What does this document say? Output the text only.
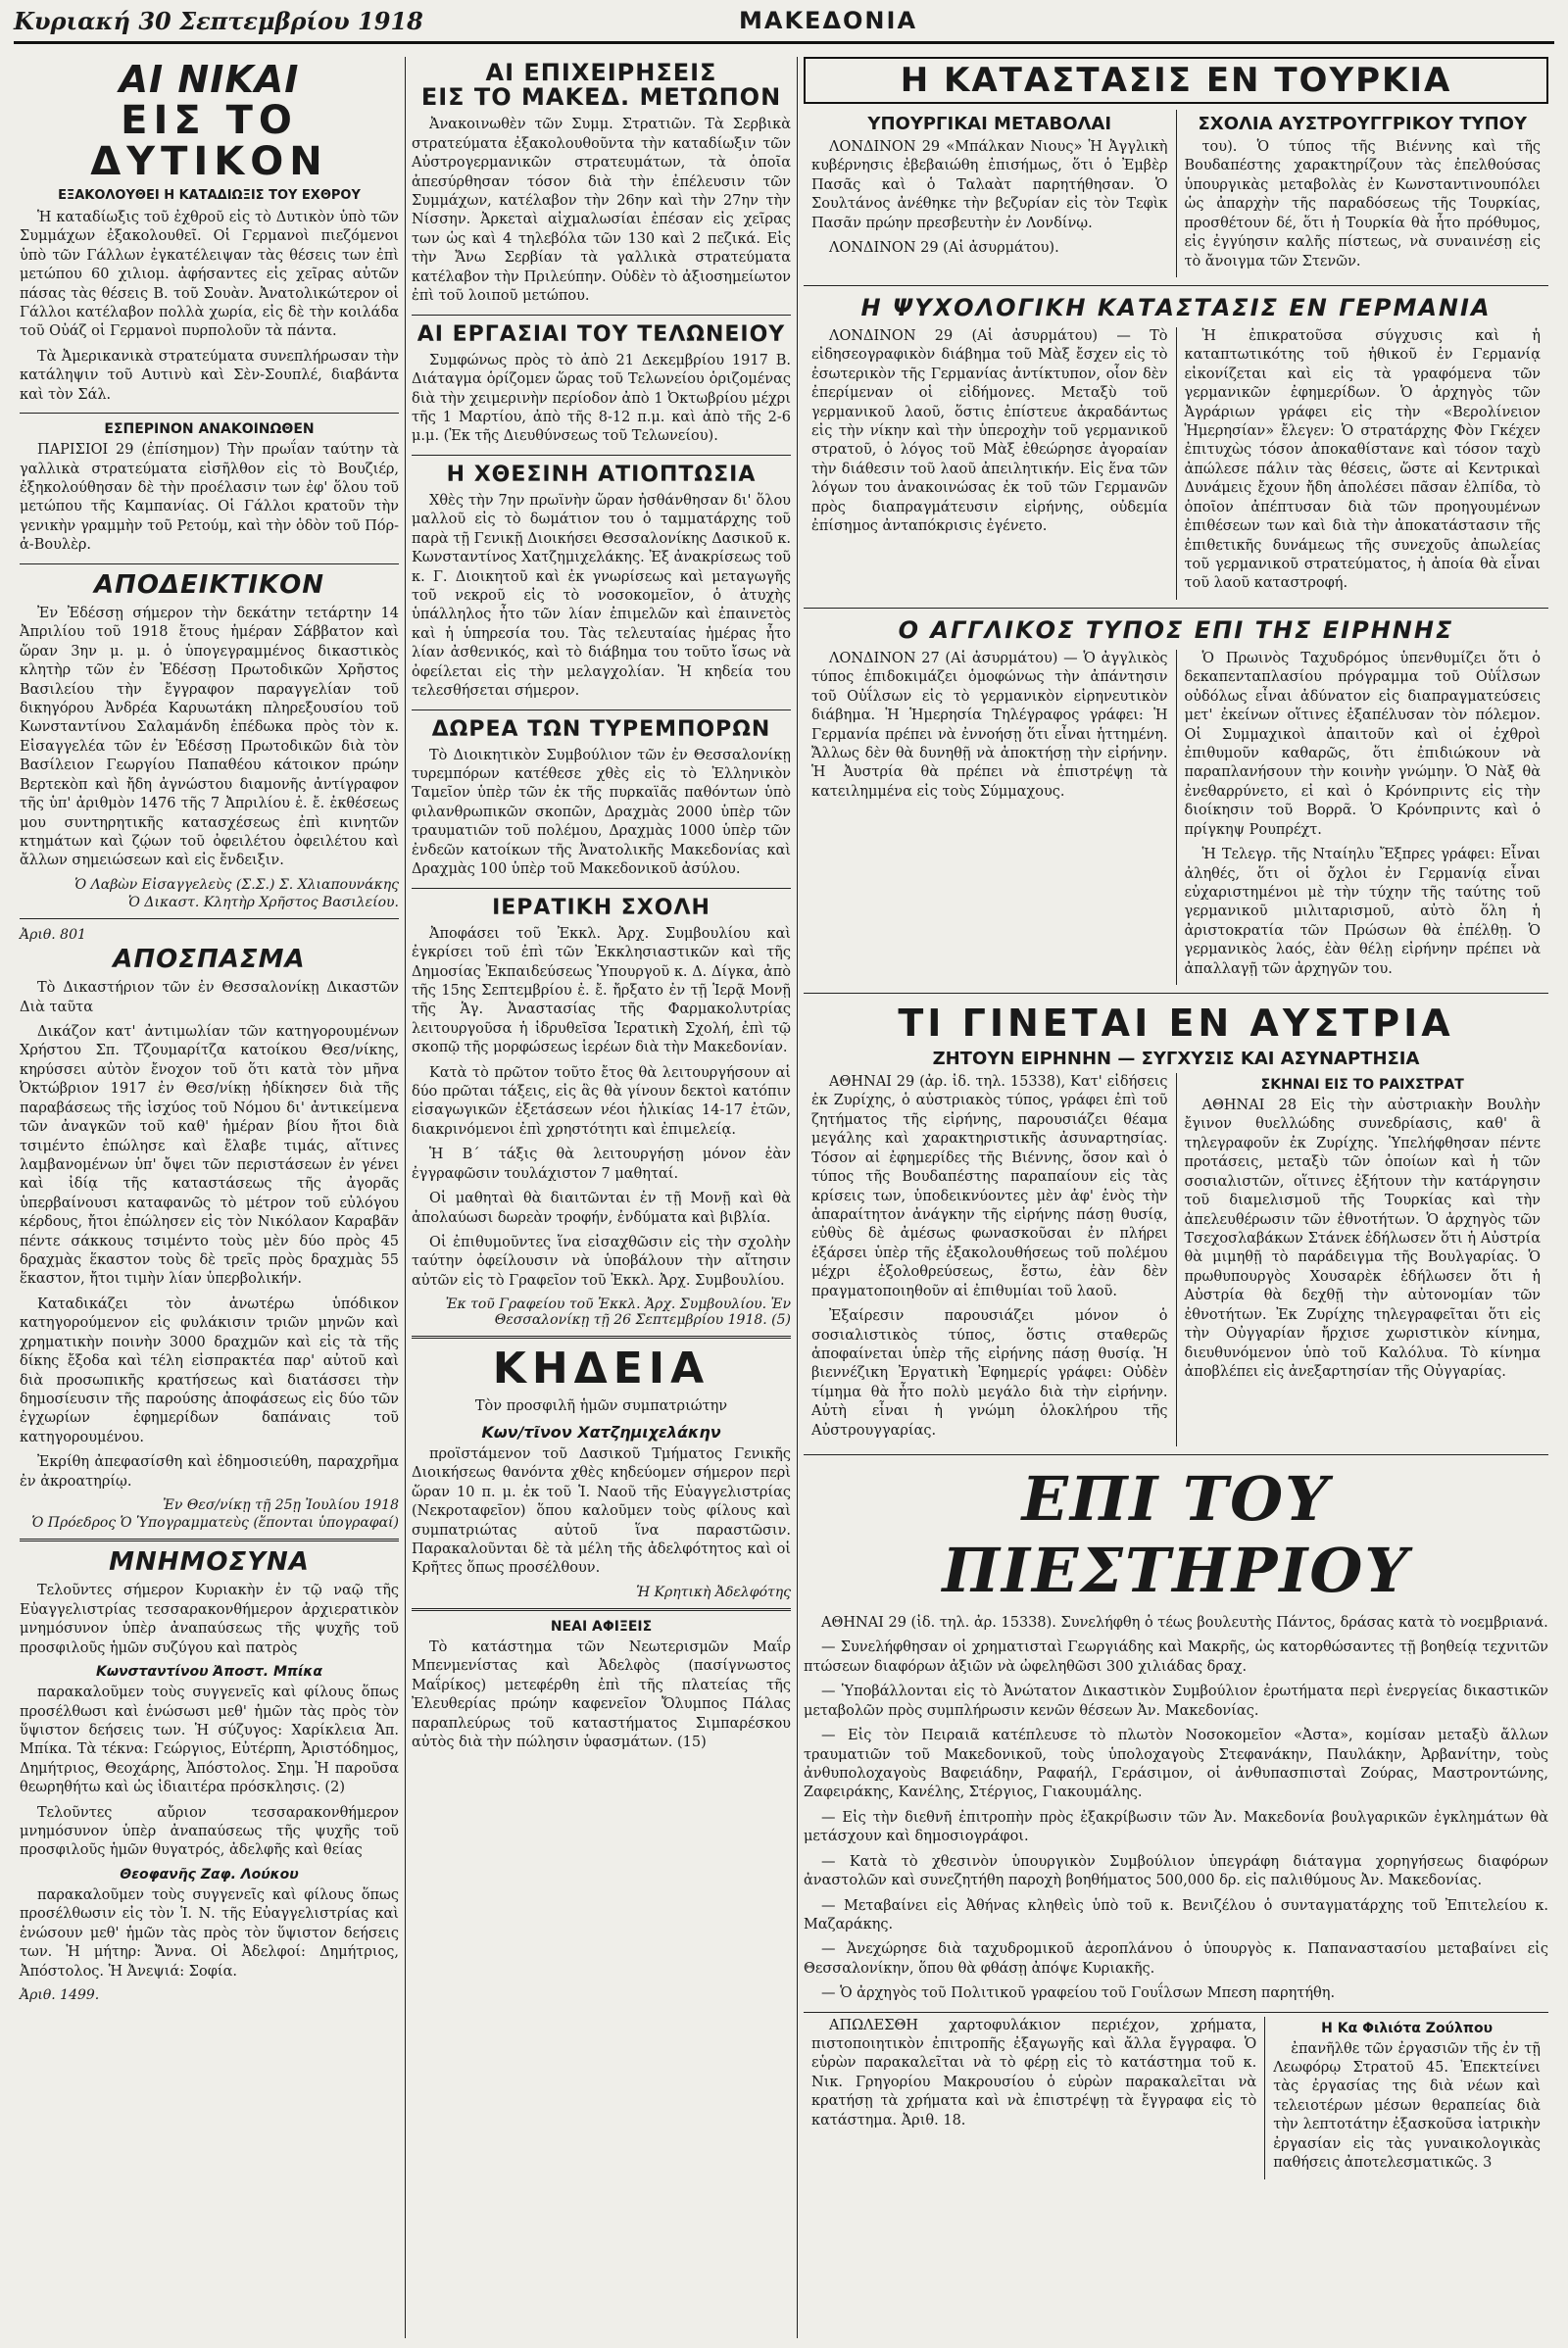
Κυριακή 30 Σεπτεμβρίου 1918	ΜΑΚΕΔΟΝΙΑ
ΑΙ ΝΙΚΑΙ
ΕΙΣ ΤΟ ΔΥΤΙΚΟΝ
ΕΞΑΚΟΛΟΥΘΕΙ Η ΚΑΤΑΔΙΩΞΙΣ ΤΟΥ ΕΧΘΡΟΥ

Ἡ καταδίωξις τοῦ ἐχθροῦ εἰς τὸ Δυτικὸν ὑπὸ τῶν Συμμάχων ἐξακολουθεῖ. Οἱ Γερμανοὶ πιεζόμενοι ὑπὸ τῶν Γάλλων ἐγκατέλειψαν τὰς θέσεις των ἐπὶ μετώπου 60 χιλιομ. ἀφήσαντες εἰς χεῖρας αὐτῶν πάσας τὰς θέσεις Β. τοῦ Σουὰν. Ἀνατολικώτερον οἱ Γάλλοι κατέλαβον πολλὰ χωρία, εἰς δὲ τὴν κοιλάδα τοῦ Οὐάζ οἱ Γερμανοὶ πυρπολοῦν τὰ πάντα.

Τὰ Ἀμερικανικὰ στρατεύματα συνεπλήρωσαν τὴν κατάληψιν τοῦ Αυτινὺ καὶ Σὲν-Σουπλέ, διαβάντα καὶ τὸν Σάλ.

ΕΣΠΕΡΙΝΟΝ ΑΝΑΚΟΙΝΩΘΕΝ

ΠΑΡΙΣΙΟΙ 29 (ἐπίσημον) Τὴν πρωΐαν ταύτην τὰ γαλλικὰ στρατεύματα εἰσῆλθον εἰς τὸ Βουζιέρ, ἐξηκολούθησαν δὲ τὴν προέλασιν των ἐφ' ὅλου τοῦ μετώπου τῆς Καμπανίας. Οἱ Γάλλοι κρατοῦν τὴν γενικὴν γραμμὴν τοῦ Ρετούμ, καὶ τὴν ὁδὸν τοῦ Πόρ-ἀ-Βουλὲρ.

ΑΠΟΔΕΙΚΤΙΚΟΝ

Ἐν Ἐδέσσῃ σήμερον τὴν δεκάτην τετάρτην 14 Ἀπριλίου τοῦ 1918 ἔτους ἡμέραν Σάββατον καὶ ὥραν 3ην μ. μ. ὁ ὑπογεγραμμένος δικαστικὸς κλητὴρ τῶν ἐν Ἐδέσσῃ Πρωτοδικῶν Χρῆστος Βασιλείου τὴν ἔγγραφον παραγγελίαν τοῦ δικηγόρου Ἀνδρέα Καρυωτάκη πληρεξουσίου τοῦ Κωνσταντίνου Σαλαμάνδη ἐπέδωκα πρὸς τὸν κ. Εἰσαγγελέα τῶν ἐν Ἐδέσσῃ Πρωτοδικῶν διὰ τὸν Βασίλειον Γεωργίου Παπαθέου κάτοικον πρώην Βερτεκὸπ καὶ ἤδη ἀγνώστου διαμονῆς ἀντίγραφον τῆς ὑπ' ἀριθμὸν 1476 τῆς 7 Ἀπριλίου ἐ. ἔ. ἐκθέσεως μου συντηρητικῆς κατασχέσεως ἐπὶ κινητῶν κτημάτων καὶ ζῴων τοῦ ὀφειλέτου ὀφειλέτου καὶ ἄλλων σημειώσεων καὶ εἰς ἔνδειξιν.

Ὁ Λαβὼν Εἰσαγγελεὺς (Σ.Σ.) Σ. Χλιαπουνάκης
Ὁ Δικαστ. Κλητὴρ Χρῆστος Βασιλείου.
Ἀριθ. 801
ΑΠΟΣΠΑΣΜΑ

Τὸ Δικαστήριον τῶν ἐν Θεσσαλονίκῃ Δικαστῶν Διὰ ταῦτα

Δικάζον κατ' ἀντιμωλίαν τῶν κατηγορουμένων Χρήστου Σπ. Τζουμαρίτζα κατοίκου Θεσ/νίκης, κηρύσσει αὐτὸν ἔνοχον τοῦ ὅτι κατὰ τὸν μῆνα Ὀκτώβριον 1917 ἐν Θεσ/νίκῃ ἠδίκησεν διὰ τῆς παραβάσεως τῆς ἰσχύος τοῦ Νόμου δι' ἀντικείμενα τῶν ἀναγκῶν τοῦ καθ' ἡμέραν βίου ἤτοι διὰ τσιμέντο ἐπώλησε καὶ ἔλαβε τιμάς, αἵτινες λαμβανομένων ὑπ' ὄψει τῶν περιστάσεων ἐν γένει καὶ ἰδίᾳ τῆς καταστάσεως τῆς ἀγορᾶς ὑπερβαίνουσι καταφανῶς τὸ μέτρον τοῦ εὐλόγου κέρδους, ἤτοι ἐπώλησεν εἰς τὸν Νικόλαον Καραβᾶν πέντε σάκκους τσιμέντο τοὺς μὲν δύο πρὸς 45 δραχμὰς ἕκαστον τοὺς δὲ τρεῖς πρὸς δραχμὰς 55 ἕκαστον, ἤτοι τιμὴν λίαν ὑπερβολικήν.

Καταδικάζει τὸν ἀνωτέρω ὑπόδικον κατηγορούμενον εἰς φυλάκισιν τριῶν μηνῶν καὶ χρηματικὴν ποινὴν 3000 δραχμῶν καὶ εἰς τὰ τῆς δίκης ἔξοδα καὶ τέλη εἰσπρακτέα παρ' αὐτοῦ καὶ διὰ προσωπικῆς κρατήσεως καὶ διατάσσει τὴν δημοσίευσιν τῆς παρούσης ἀποφάσεως εἰς δύο τῶν ἐγχωρίων ἐφημερίδων δαπάναις τοῦ κατηγορουμένου.

Ἐκρίθη ἀπεφασίσθη καὶ ἐδημοσιεύθη, παραχρῆμα ἐν ἀκροατηρίῳ.

Ἐν Θεσ/νίκῃ τῇ 25ῃ Ἰουλίου 1918
Ὁ Πρόεδρος Ὁ Ὑπογραμματεὺς (ἕπονται ὑπογραφαί)
ΜΝΗΜΟΣΥΝΑ

Τελοῦντες σήμερον Κυριακὴν ἐν τῷ ναῷ τῆς Εὐαγγελιστρίας τεσσαρακονθήμερον ἀρχιερατικὸν μνημόσυνον ὑπὲρ ἀναπαύσεως τῆς ψυχῆς τοῦ προσφιλοῦς ἡμῶν συζύγου καὶ πατρὸς

Κωνσταντίνου Ἀποστ. Μπίκα

παρακαλοῦμεν τοὺς συγγενεῖς καὶ φίλους ὅπως προσέλθωσι καὶ ἑνώσωσι μεθ' ἡμῶν τὰς πρὸς τὸν ὕψιστον δεήσεις των. Ἡ σύζυγος: Χαρίκλεια Ἀπ. Μπίκα. Τὰ τέκνα: Γεώργιος, Εὐτέρπη, Ἀριστόδημος, Δημήτριος, Θεοχάρης, Ἀπόστολος. Σημ. Ἡ παροῦσα θεωρηθήτω καὶ ὡς ἰδιαιτέρα πρόσκλησις. (2)

Τελοῦντες αὔριον τεσσαρακονθήμερον μνημόσυνον ὑπὲρ ἀναπαύσεως τῆς ψυχῆς τοῦ προσφιλοῦς ἡμῶν θυγατρός, ἀδελφῆς καὶ θείας

Θεοφανῆς Ζαφ. Λούκου

παρακαλοῦμεν τοὺς συγγενεῖς καὶ φίλους ὅπως προσέλθωσιν εἰς τὸν Ἱ. Ν. τῆς Εὐαγγελιστρίας καὶ ἑνώσουν μεθ' ἡμῶν τὰς πρὸς τὸν ὕψιστον δεήσεις των. Ἡ μήτηρ: Ἄννα. Οἱ Ἀδελφοί: Δημήτριος, Ἀπόστολος. Ἡ Ἀνεψιά: Σοφία.

Ἀριθ. 1499.
ΑΙ ΕΠΙΧΕΙΡΗΣΕΙΣ
ΕΙΣ ΤΟ ΜΑΚΕΔ. ΜΕΤΩΠΟΝ

Ἀνακοινωθὲν τῶν Συμμ. Στρατιῶν. Τὰ Σερβικὰ στρατεύματα ἐξακολουθοῦντα τὴν καταδίωξιν τῶν Αὐστρογερμανικῶν στρατευμάτων, τὰ ὁποῖα ἀπεσύρθησαν τόσον διὰ τὴν ἐπέλευσιν τῶν Συμμάχων, κατέλαβον τὴν 26ην καὶ τὴν 27ην τὴν Νίσσην. Ἀρκεταὶ αἰχμαλωσίαι ἐπέσαν εἰς χεῖρας των ὡς καὶ 4 τηλεβόλα τῶν 130 καὶ 2 πεζικά. Εἰς τὴν Ἄνω Σερβίαν τὰ γαλλικὰ στρατεύματα κατέλαβον τὴν Πριλεύπην. Οὐδὲν τὸ ἀξιοσημείωτον ἐπὶ τοῦ λοιποῦ μετώπου.

ΑΙ ΕΡΓΑΣΙΑΙ ΤΟΥ ΤΕΛΩΝΕΙΟΥ

Συμφώνως πρὸς τὸ ἀπὸ 21 Δεκεμβρίου 1917 Β. Διάταγμα ὁρίζομεν ὥρας τοῦ Τελωνείου ὁριζομένας διὰ τὴν χειμερινὴν περίοδον ἀπὸ 1 Ὀκτωβρίου μέχρι τῆς 1 Μαρτίου, ἀπὸ τῆς 8-12 π.μ. καὶ ἀπὸ τῆς 2-6 μ.μ. (Ἐκ τῆς Διευθύνσεως τοῦ Τελωνείου).

Η ΧΘΕΣΙΝΗ ΑΤΙΟΠΤΩΣΙΑ

Χθὲς τὴν 7ην πρωϊνὴν ὥραν ἠσθάνθησαν δι' ὅλου μαλλοῦ εἰς τὸ δωμάτιον του ὁ ταμματάρχης τοῦ παρὰ τῇ Γενικῇ Διοικήσει Θεσσαλονίκης Δασικοῦ κ. Κωνσταντίνος Χατζημιχελάκης. Ἐξ ἀνακρίσεως τοῦ κ. Γ. Διοικητοῦ καὶ ἐκ γνωρίσεως καὶ μεταγωγῆς τοῦ νεκροῦ εἰς τὸ νοσοκομεῖον, ὁ ἀτυχὴς ὑπάλληλος ἦτο τῶν λίαν ἐπιμελῶν καὶ ἐπαινετὸς καὶ ἡ ὑπηρεσία του. Τὰς τελευταίας ἡμέρας ἦτο λίαν ἀσθενικός, καὶ τὸ διάβημα του τοῦτο ἴσως νὰ ὀφείλεται εἰς τὴν μελαγχολίαν. Ἡ κηδεία του τελεσθήσεται σήμερον.

ΔΩΡΕΑ ΤΩΝ ΤΥΡΕΜΠΟΡΩΝ

Τὸ Διοικητικὸν Συμβούλιον τῶν ἐν Θεσσαλονίκῃ τυρεμπόρων κατέθεσε χθὲς εἰς τὸ Ἐλληνικὸν Ταμεῖον ὑπὲρ τῶν ἐκ τῆς πυρκαϊᾶς παθόντων ὑπὸ φιλανθρωπικῶν σκοπῶν, Δραχμὰς 2000 ὑπὲρ τῶν τραυματιῶν τοῦ πολέμου, Δραχμὰς 1000 ὑπὲρ τῶν ἐνδεῶν κατοίκων τῆς Ἀνατολικῆς Μακεδονίας καὶ Δραχμὰς 100 ὑπὲρ τοῦ Μακεδονικοῦ ἀσύλου.

ΙΕΡΑΤΙΚΗ ΣΧΟΛΗ

Ἀποφάσει τοῦ Ἐκκλ. Ἀρχ. Συμβουλίου καὶ ἐγκρίσει τοῦ ἐπὶ τῶν Ἐκκλησιαστικῶν καὶ τῆς Δημοσίας Ἐκπαιδεύσεως Ὑπουργοῦ κ. Δ. Δίγκα, ἀπὸ τῆς 15ης Σεπτεμβρίου ἐ. ἔ. ἤρξατο ἐν τῇ Ἱερᾷ Μονῇ τῆς Ἁγ. Ἀναστασίας τῆς Φαρμακολυτρίας λειτουργοῦσα ἡ ἱδρυθεῖσα Ἱερατικὴ Σχολή, ἐπὶ τῷ σκοπῷ τῆς μορφώσεως ἱερέων διὰ τὴν Μακεδονίαν.

Κατὰ τὸ πρῶτον τοῦτο ἔτος θὰ λειτουργήσουν αἱ δύο πρῶται τάξεις, εἰς ἃς θὰ γίνουν δεκτοὶ κατόπιν εἰσαγωγικῶν ἐξετάσεων νέοι ἡλικίας 14-17 ἐτῶν, διακρινόμενοι ἐπὶ χρηστότητι καὶ ἐπιμελείᾳ.

Ἡ Β΄ τάξις θὰ λειτουργήσῃ μόνον ἐὰν ἐγγραφῶσιν τουλάχιστον 7 μαθηταί.

Οἱ μαθηταὶ θὰ διαιτῶνται ἐν τῇ Μονῇ καὶ θὰ ἀπολαύωσι δωρεὰν τροφήν, ἐνδύματα καὶ βιβλία.

Οἱ ἐπιθυμοῦντες ἵνα εἰσαχθῶσιν εἰς τὴν σχολὴν ταύτην ὀφείλουσιν νὰ ὑποβάλουν τὴν αἴτησιν αὐτῶν εἰς τὸ Γραφεῖον τοῦ Ἐκκλ. Ἀρχ. Συμβουλίου.

Ἐκ τοῦ Γραφείου τοῦ Ἐκκλ. Ἀρχ. Συμβουλίου. Ἐν Θεσσαλονίκῃ τῇ 26 Σεπτεμβρίου 1918. (5)
ΚΗΔΕΙΑ

Τὸν προσφιλῆ ἡμῶν συμπατριώτην

Κων/τῖνον Χατζημιχελάκην

προϊστάμενον τοῦ Δασικοῦ Τμήματος Γενικῆς Διοικήσεως θανόντα χθὲς κηδεύομεν σήμερον περὶ ὥραν 10 π. μ. ἐκ τοῦ Ἱ. Ναοῦ τῆς Εὐαγγελιστρίας (Νεκροταφεῖον) ὅπου καλοῦμεν τοὺς φίλους καὶ συμπατριώτας αὐτοῦ ἵνα παραστῶσιν. Παρακαλοῦνται δὲ τὰ μέλη τῆς ἀδελφότητος καὶ οἱ Κρῆτες ὅπως προσέλθουν.

Ἡ Κρητικὴ Ἀδελφότης
ΝΕΑΙ ΑΦΙΞΕΙΣ

Τὸ κατάστημα τῶν Νεωτερισμῶν Μαΐρ Μπενμενίστας καὶ Ἀδελφὸς (πασίγνωστος Μαΐρίκος) μετεφέρθη ἐπὶ τῆς πλατείας τῆς Ἐλευθερίας πρώην καφενεῖον Ὄλυμπος Πάλας παραπλεύρως τοῦ καταστήματος Σιμπαρέσκου αὐτὸς διὰ τὴν πώλησιν ὑφασμάτων. (15)

Η ΚΑΤΑΣΤΑΣΙΣ ΕΝ ΤΟΥΡΚΙΑ
ΥΠΟΥΡΓΙΚΑΙ ΜΕΤΑΒΟΛΑΙ

ΛΟΝΔΙΝΟΝ 29 «Μπάλκαν Νιους» Ἡ Ἀγγλικὴ κυβέρνησις ἐβεβαιώθη ἐπισήμως, ὅτι ὁ Ἐμβὲρ Πασᾶς καὶ ὁ Ταλαὰτ παρητήθησαν. Ὁ Σουλτάνος ἀνέθηκε τὴν βεζυρίαν εἰς τὸν Τεφὶκ Πασᾶν πρώην πρεσβευτὴν ἐν Λονδίνῳ.

ΛΟΝΔΙΝΟΝ 29 (Αἱ ἀσυρμάτου).

ΣΧΟΛΙΑ ΑΥΣΤΡΟΥΓΓΡΙΚΟΥ ΤΥΠΟΥ

του). Ὁ τύπος τῆς Βιέννης καὶ τῆς Βουδαπέστης χαρακτηρίζουν τὰς ἐπελθούσας ὑπουργικὰς μεταβολὰς ἐν Κωνσταντινουπόλει ὡς ἀπαρχὴν τῆς παραδόσεως τῆς Τουρκίας, προσθέτουν δέ, ὅτι ἡ Τουρκία θὰ ἦτο πρόθυμος, εἰς ἐγγύησιν καλῆς πίστεως, νὰ συναινέσῃ εἰς τὸ ἄνοιγμα τῶν Στενῶν.

Η ΨΥΧΟΛΟΓΙΚΗ ΚΑΤΑΣΤΑΣΙΣ ΕΝ ΓΕΡΜΑΝΙΑ

ΛΟΝΔΙΝΟΝ 29 (Αἱ ἀσυρμάτου) — Τὸ εἰδησεογραφικὸν διάβημα τοῦ Μὰξ ἔσχεν εἰς τὸ ἐσωτερικὸν τῆς Γερμανίας ἀντίκτυπον, οἷον δὲν ἐπερίμεναν οἱ εἰδήμονες. Μεταξὺ τοῦ γερμανικοῦ λαοῦ, ὅστις ἐπίστευε ἀκραδάντως εἰς τὴν νίκην καὶ τὴν ὑπεροχὴν τοῦ γερμανικοῦ στρατοῦ, ὁ λόγος τοῦ Μὰξ ἐθεώρησε ἀγοραίαν τὴν διάθεσιν τοῦ λαοῦ ἀπειλητικήν. Εἰς ἕνα τῶν λόγων του ἀνακοινώσας ἐκ τοῦ τῶν Γερμανῶν πρὸς διαπραγμάτευσιν εἰρήνης, οὐδεμία ἐπίσημος ἀνταπόκρισις ἐγένετο.

Ἡ ἐπικρατοῦσα σύγχυσις καὶ ἡ καταπτωτικότης τοῦ ἠθικοῦ ἐν Γερμανίᾳ εἰκονίζεται καὶ εἰς τὰ γραφόμενα τῶν γερμανικῶν ἐφημερίδων. Ὁ ἀρχηγὸς τῶν Ἀγράριων γράφει εἰς τὴν «Βερολίνειον Ἡμερησίαν» ἔλεγεν: Ὁ στρατάρχης Φὸν Γκέχεν ἐπιτυχὼς τόσον ἀποκαθίστανε καὶ τόσον ταχὺ ἀπώλεσε πάλιν τὰς θέσεις, ὥστε αἱ Κεντρικαὶ Δυνάμεις ἔχουν ἤδη ἀπολέσει πᾶσαν ἐλπίδα, τὸ ὁποῖον ἀπέπτυσαν διὰ τῶν προηγουμένων ἐπιθέσεων των καὶ διὰ τὴν ἀποκατάστασιν τῆς ἐπιθετικῆς δυνάμεως τῆς συνεχοῦς ἀπωλείας τοῦ γερμανικοῦ στρατεύματος, ἡ ἀποία θὰ εἶναι τοῦ λαοῦ καταστροφή.

Ο ΑΓΓΛΙΚΟΣ ΤΥΠΟΣ ΕΠΙ ΤΗΣ ΕΙΡΗΝΗΣ

ΛΟΝΔΙΝΟΝ 27 (Αἱ ἀσυρμάτου) — Ὁ ἀγγλικὸς τύπος ἐπιδοκιμάζει ὁμοφώνως τὴν ἀπάντησιν τοῦ Οὐΐλσων εἰς τὸ γερμανικὸν εἰρηνευτικὸν διάβημα. Ἡ Ἡμερησία Τηλέγραφος γράφει: Ἡ Γερμανία πρέπει νὰ ἐννοήσῃ ὅτι εἶναι ἡττημένη. Ἄλλως δὲν θὰ δυνηθῇ νὰ ἀποκτήσῃ τὴν εἰρήνην. Ἡ Ἀυστρία θὰ πρέπει νὰ ἐπιστρέψῃ τὰ κατειλημμένα εἰς τοὺς Σύμμαχους.

Ὁ Πρωινὸς Ταχυδρόμος ὑπενθυμίζει ὅτι ὁ δεκαπενταπλασίου πρόγραμμα τοῦ Οὐΐλσων οὐδόλως εἶναι ἀδύνατον εἰς διαπραγματεύσεις μετ' ἐκείνων οἵτινες ἐξαπέλυσαν τὸν πόλεμον. Οἱ Συμμαχικοὶ ἀπαιτοῦν καὶ οἱ ἐχθροὶ ἐπιθυμοῦν καθαρῶς, ὅτι ἐπιδιώκουν νὰ παραπλανήσουν τὴν κοινὴν γνώμην. Ὁ Νὰξ θὰ ἐνεθαρρύνετο, εἰ καὶ ὁ Κρόνπριντς εἰς τὴν διοίκησιν τοῦ Βορρᾶ. Ὁ Κρόνπριντς καὶ ὁ πρίγκηψ Ρουπρέχτ.

Ἡ Τελεγρ. τῆς Νταίηλυ Ἔξπρες γράφει: Εἶναι ἀληθές, ὅτι οἱ ὄχλοι ἐν Γερμανίᾳ εἶναι εὐχαριστημένοι μὲ τὴν τύχην τῆς ταύτης τοῦ γερμανικοῦ μιλιταρισμοῦ, αὐτὸ ὅλη ἡ ἀριστοκρατία τῶν Πρώσων θὰ ἐπέλθῃ. Ὁ γερμανικὸς λαός, ἐὰν θέλῃ εἰρήνην πρέπει νὰ ἀπαλλαγῇ τῶν ἀρχηγῶν του.

ΤΙ ΓΙΝΕΤΑΙ ΕΝ ΑΥΣΤΡΙΑ
ΖΗΤΟΥΝ ΕΙΡΗΝΗΝ — ΣΥΓΧΥΣΙΣ ΚΑΙ ΑΣΥΝΑΡΤΗΣΙΑ

ΑΘΗΝΑΙ 29 (ἀρ. ἰδ. τηλ. 15338), Κατ' εἰδήσεις ἐκ Ζυρίχης, ὁ αὐστριακὸς τύπος, γράφει ἐπὶ τοῦ ζητήματος τῆς εἰρήνης, παρουσιάζει θέαμα μεγάλης καὶ χαρακτηριστικῆς ἀσυναρτησίας. Τόσον αἱ ἐφημερίδες τῆς Βιέννης, ὅσον καὶ ὁ τύπος τῆς Βουδαπέστης παραπαίουν εἰς τὰς κρίσεις των, ὑποδεικνύοντες μὲν ἀφ' ἑνὸς τὴν ἀπαραίτητον ἀνάγκην τῆς εἰρήνης πάσῃ θυσίᾳ, εὐθὺς δὲ ἀμέσως φωνασκοῦσαι ἐν πλήρει ἐξάρσει ὑπὲρ τῆς ἐξακολουθήσεως τοῦ πολέμου μέχρι ἐξολοθρεύσεως, ἔστω, ἐὰν δὲν πραγματοποιηθοῦν αἱ ἐπιθυμίαι τοῦ λαοῦ.

Ἐξαίρεσιν παρουσιάζει μόνον ὁ σοσιαλιστικὸς τύπος, ὅστις σταθερῶς ἀποφαίνεται ὑπὲρ τῆς εἰρήνης πάσῃ θυσίᾳ. Ἡ βιεννέζικη Ἐργατικὴ Ἐφημερίς γράφει: Οὐδὲν τίμημα θὰ ἦτο πολὺ μεγάλο διὰ τὴν εἰρήνην. Αὐτὴ εἶναι ἡ γνώμη ὁλοκλήρου τῆς Αὐστρουγγαρίας.

ΣΚΗΝΑΙ ΕΙΣ ΤΟ ΡΑΙΧΣΤΡΑΤ

ΑΘΗΝΑΙ 28 Εἰς τὴν αὐστριακὴν Βουλὴν ἔγινον θυελλώδης συνεδρίασις, καθ' ἃ τηλεγραφοῦν ἐκ Ζυρίχης. Ὑπελήφθησαν πέντε προτάσεις, μεταξὺ τῶν ὁποίων καὶ ἡ τῶν σοσιαλιστῶν, οἵτινες ἐξήτουν τὴν κατάργησιν τοῦ διαμελισμοῦ τῆς Τουρκίας καὶ τὴν ἀπελευθέρωσιν τῶν ἐθνοτήτων. Ὁ ἀρχηγὸς τῶν Τσεχοσλαβάκων Στάνεκ ἐδήλωσεν ὅτι ἡ Αὐστρία θὰ μιμηθῇ τὸ παράδειγμα τῆς Βουλγαρίας. Ὁ πρωθυπουργὸς Χουσαρὲκ ἐδήλωσεν ὅτι ἡ Αὐστρία θὰ δεχθῇ τὴν αὐτονομίαν τῶν ἐθνοτήτων. Ἐκ Ζυρίχης τηλεγραφεῖται ὅτι εἰς τὴν Οὐγγαρίαν ἤρχισε χωριστικὸν κίνημα, διευθυνόμενον ὑπὸ τοῦ Καλόλυα. Τὸ κίνημα ἀποβλέπει εἰς ἀνεξαρτησίαν τῆς Οὐγγαρίας.

ΕΠΙ ΤΟΥ ΠΙΕΣΤΗΡΙΟΥ

ΑΘΗΝΑΙ 29 (ἰδ. τηλ. ἀρ. 15338). Συνελήφθη ὁ τέως βουλευτὴς Πάντος, δράσας κατὰ τὸ νοεμβριανά.

— Συνελήφθησαν οἱ χρηματισταὶ Γεωργιάδης καὶ Μακρῆς, ὡς κατορθώσαντες τῇ βοηθείᾳ τεχνιτῶν πτώσεων διαφόρων ἀξιῶν νὰ ὠφεληθῶσι 300 χιλιάδας δραχ.

— Ὑποβάλλονται εἰς τὸ Ἀνώτατον Δικαστικὸν Συμβούλιον ἐρωτήματα περὶ ἐνεργείας δικαστικῶν μεταβολῶν πρὸς συμπλήρωσιν κενῶν θέσεων Ἀν. Μακεδονίας.

— Εἰς τὸν Πειραιᾶ κατέπλευσε τὸ πλωτὸν Νοσοκομεῖον «Ἀστα», κομίσαν μεταξὺ ἄλλων τραυματιῶν τοῦ Μακεδονικοῦ, τοὺς ὑπολοχαγοὺς Στεφανάκην, Παυλάκην, Ἀρβανίτην, τοὺς ἀνθυπολοχαγοὺς Βαφειάδην, Ραφαήλ, Γεράσιμον, οἱ ἀνθυπασπισταὶ Ζούρας, Μαστροντώνης, Ζαφειράκης, Κανέλης, Στέργιος, Γιακουμάλης.

— Εἰς τὴν διεθνῆ ἐπιτροπὴν πρὸς ἐξακρίβωσιν τῶν Ἀν. Μακεδονία βουλγαρικῶν ἐγκλημάτων θὰ μετάσχουν καὶ δημοσιογράφοι.

— Κατὰ τὸ χθεσινὸν ὑπουργικὸν Συμβούλιον ὑπεγράφη διάταγμα χορηγήσεως διαφόρων ἀναστολῶν καὶ συνεζητήθη παροχὴ βοηθήματος 500,000 δρ. εἰς παλιθύμους Ἀν. Μακεδονίας.

— Μεταβαίνει εἰς Ἀθήνας κληθεὶς ὑπὸ τοῦ κ. Βενιζέλου ὁ συνταγματάρχης τοῦ Ἐπιτελείου κ. Μαζαράκης.

— Ἀνεχώρησε διὰ ταχυδρομικοῦ ἀεροπλάνου ὁ ὑπουργὸς κ. Παπαναστασίου μεταβαίνει εἰς Θεσσαλονίκην, ὅπου θὰ φθάσῃ ἀπόψε Κυριακῆς.

— Ὁ ἀρχηγὸς τοῦ Πολιτικοῦ γραφείου τοῦ Γουΐλσων Μπεση παρητήθη.

ΑΠΩΛΕΣΘΗ χαρτοφυλάκιον περιέχον, χρήματα, πιστοποιητικὸν ἐπιτροπῆς ἐξαγωγῆς καὶ ἄλλα ἔγγραφα. Ὁ εὑρὼν παρακαλεῖται νὰ τὸ φέρῃ εἰς τὸ κατάστημα τοῦ κ. Νικ. Γρηγορίου Μακρουσίου ὁ εὑρὼν παρακαλεῖται νὰ κρατήσῃ τὰ χρήματα καὶ νὰ ἐπιστρέψῃ τὰ ἔγγραφα εἰς τὸ κατάστημα. Ἀριθ. 18.

Η Κα Φιλιότα Ζούλπου

ἐπανῆλθε τῶν ἐργασιῶν τῆς ἐν τῇ Λεωφόρῳ Στρατοῦ 45. Ἐπεκτείνει τὰς ἐργασίας της διὰ νέων καὶ τελειοτέρων μέσων θεραπείας διὰ τὴν λεπτοτάτην ἐξασκοῦσα ἰατρικὴν ἐργασίαν εἰς τὰς γυναικολογικὰς παθήσεις ἀποτελεσματικῶς. 3
